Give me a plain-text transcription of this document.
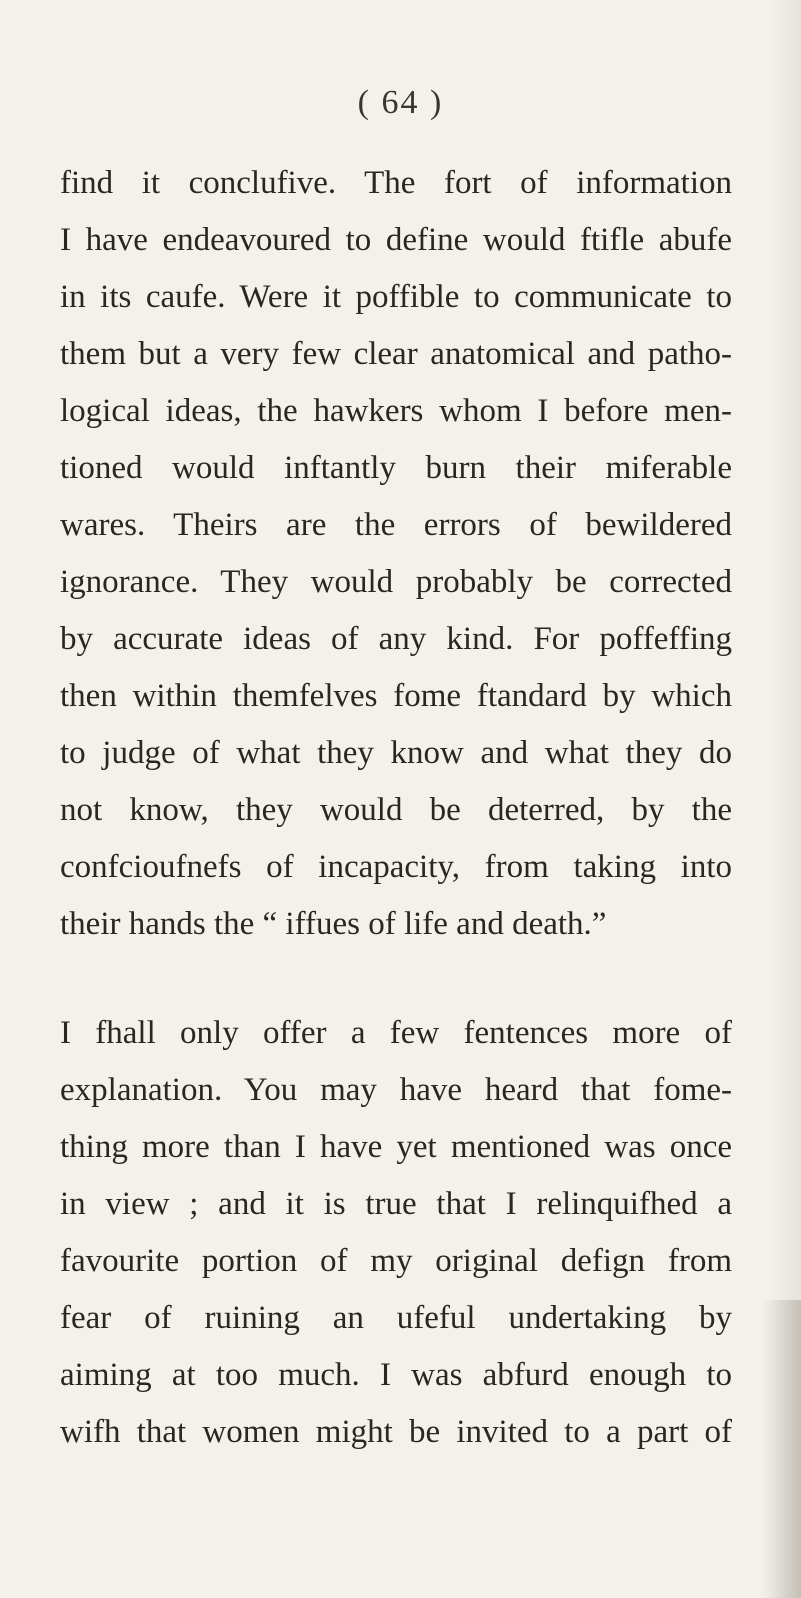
( 64 )
find it conclufive. The fort of information
I have endeavoured to define would ftifle abufe
in its caufe. Were it poffible to communicate to
them but a very few clear anatomical and patho-
logical ideas, the hawkers whom I before men-
tioned would inftantly burn their miferable
wares. Theirs are the errors of bewildered
ignorance. They would probably be corrected
by accurate ideas of any kind. For poffeffing
then within themfelves fome ftandard by which
to judge of what they know and what they do
not know, they would be deterred, by the
confcioufnefs of incapacity, from taking into
their hands the “ iffues of life and death.”
I fhall only offer a few fentences more of
explanation. You may have heard that fome-
thing more than I have yet mentioned was once
in view ; and it is true that I relinquifhed a
favourite portion of my original defign from
fear of ruining an ufeful undertaking by
aiming at too much. I was abfurd enough to
wifh that women might be invited to a part of
